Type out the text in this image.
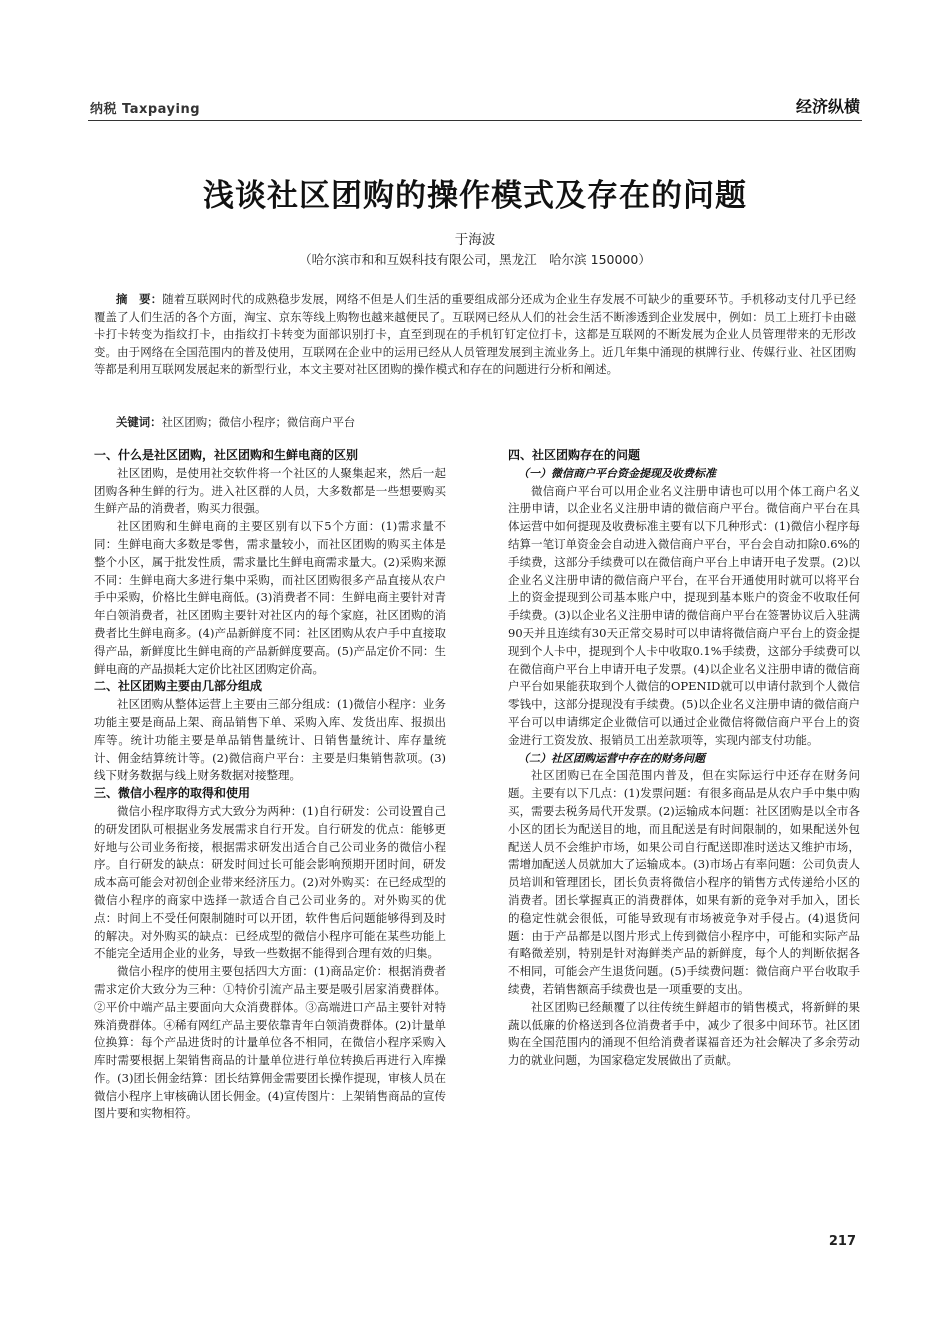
纳税 Taxpaying	经济纵横
浅谈社区团购的操作模式及存在的问题
于海波
（哈尔滨市和和互娱科技有限公司，黑龙江　哈尔滨 150000）
摘　要：随着互联网时代的成熟稳步发展，网络不但是人们生活的重要组成部分还成为企业生存发展不可缺少的重要环节。手机移动支付几乎已经覆盖了人们生活的各个方面，淘宝、京东等线上购物也越来越便民了。互联网已经从人们的社会生活不断渗透到企业发展中，例如：员工上班打卡由磁卡打卡转变为指纹打卡，由指纹打卡转变为面部识别打卡，直至到现在的手机钉钉定位打卡，这都是互联网的不断发展为企业人员管理带来的无形改变。由于网络在全国范围内的普及使用，互联网在企业中的运用已经从人员管理发展到主流业务上。近几年集中涌现的棋牌行业、传媒行业、社区团购等都是利用互联网发展起来的新型行业，本文主要对社区团购的操作模式和存在的问题进行分析和阐述。
关键词：社区团购；微信小程序；微信商户平台
一、什么是社区团购，社区团购和生鲜电商的区别

社区团购，是使用社交软件将一个社区的人聚集起来，然后一起团购各种生鲜的行为。进入社区群的人员，大多数都是一些想要购买生鲜产品的消费者，购买力很强。

社区团购和生鲜电商的主要区别有以下5个方面：(1)需求量不同：生鲜电商大多数是零售，需求量较小，而社区团购的购买主体是整个小区，属于批发性质，需求量比生鲜电商需求量大。(2)采购来源不同：生鲜电商大多进行集中采购，而社区团购很多产品直接从农户手中采购，价格比生鲜电商低。(3)消费者不同：生鲜电商主要针对青年白领消费者，社区团购主要针对社区内的每个家庭，社区团购的消费者比生鲜电商多。(4)产品新鲜度不同：社区团购从农户手中直接取得产品，新鲜度比生鲜电商的产品新鲜度要高。(5)产品定价不同：生鲜电商的产品损耗大定价比社区团购定价高。

二、社区团购主要由几部分组成

社区团购从整体运营上主要由三部分组成：(1)微信小程序：业务功能主要是商品上架、商品销售下单、采购入库、发货出库、报损出库等。统计功能主要是单品销售量统计、日销售量统计、库存量统计、佣金结算统计等。(2)微信商户平台：主要是归集销售款项。(3)线下财务数据与线上财务数据对接整理。

三、微信小程序的取得和使用

微信小程序取得方式大致分为两种：(1)自行研发：公司设置自己的研发团队可根据业务发展需求自行开发。自行研发的优点：能够更好地与公司业务衔接，根据需求研发出适合自己公司业务的微信小程序。自行研发的缺点：研发时间过长可能会影响预期开团时间，研发成本高可能会对初创企业带来经济压力。(2)对外购买：在已经成型的微信小程序的商家中选择一款适合自己公司业务的。对外购买的优点：时间上不受任何限制随时可以开团，软件售后问题能够得到及时的解决。对外购买的缺点：已经成型的微信小程序可能在某些功能上不能完全适用企业的业务，导致一些数据不能得到合理有效的归集。

微信小程序的使用主要包括四大方面：(1)商品定价：根据消费者需求定价大致分为三种：①特价引流产品主要是吸引居家消费群体。②平价中端产品主要面向大众消费群体。③高端进口产品主要针对特殊消费群体。④稀有网红产品主要依靠青年白领消费群体。(2)计量单位换算：每个产品进货时的计量单位各不相同，在微信小程序采购入库时需要根据上架销售商品的计量单位进行单位转换后再进行入库操作。(3)团长佣金结算：团长结算佣金需要团长操作提现，审核人员在微信小程序上审核确认团长佣金。(4)宣传图片：上架销售商品的宣传图片要和实物相符。

四、社区团购存在的问题
（一）微信商户平台资金提现及收费标准

微信商户平台可以用企业名义注册申请也可以用个体工商户名义注册申请，以企业名义注册申请的微信商户平台。微信商户平台在具体运营中如何提现及收费标准主要有以下几种形式：(1)微信小程序每结算一笔订单资金会自动进入微信商户平台，平台会自动扣除0.6%的手续费，这部分手续费可以在微信商户平台上申请开电子发票。(2)以企业名义注册申请的微信商户平台，在平台开通使用时就可以将平台上的资金提现到公司基本账户中，提现到基本账户的资金不收取任何手续费。(3)以企业名义注册申请的微信商户平台在签署协议后入驻满90天并且连续有30天正常交易时可以申请将微信商户平台上的资金提现到个人卡中，提现到个人卡中收取0.1%手续费，这部分手续费可以在微信商户平台上申请开电子发票。(4)以企业名义注册申请的微信商户平台如果能获取到个人微信的OPENID就可以申请付款到个人微信零钱中，这部分提现没有手续费。(5)以企业名义注册申请的微信商户平台可以申请绑定企业微信可以通过企业微信将微信商户平台上的资金进行工资发放、报销员工出差款项等，实现内部支付功能。

（二）社区团购运营中存在的财务问题

社区团购已在全国范围内普及，但在实际运行中还存在财务问题。主要有以下几点：(1)发票问题：有很多商品是从农户手中集中购买，需要去税务局代开发票。(2)运输成本问题：社区团购是以全市各小区的团长为配送目的地，而且配送是有时间限制的，如果配送外包配送人员不会维护市场，如果公司自行配送即准时送达又维护市场，需增加配送人员就加大了运输成本。(3)市场占有率问题：公司负责人员培训和管理团长，团长负责将微信小程序的销售方式传递给小区的消费者。团长掌握真正的消费群体，如果有新的竞争对手加入，团长的稳定性就会很低，可能导致现有市场被竞争对手侵占。(4)退货问题：由于产品都是以图片形式上传到微信小程序中，可能和实际产品有略微差别，特别是针对海鲜类产品的新鲜度，每个人的判断依据各不相同，可能会产生退货问题。(5)手续费问题：微信商户平台收取手续费，若销售额高手续费也是一项重要的支出。

社区团购已经颠覆了以往传统生鲜超市的销售模式，将新鲜的果蔬以低廉的价格送到各位消费者手中，减少了很多中间环节。社区团购在全国范围内的涌现不但给消费者谋福音还为社会解决了多余劳动力的就业问题，为国家稳定发展做出了贡献。

217
